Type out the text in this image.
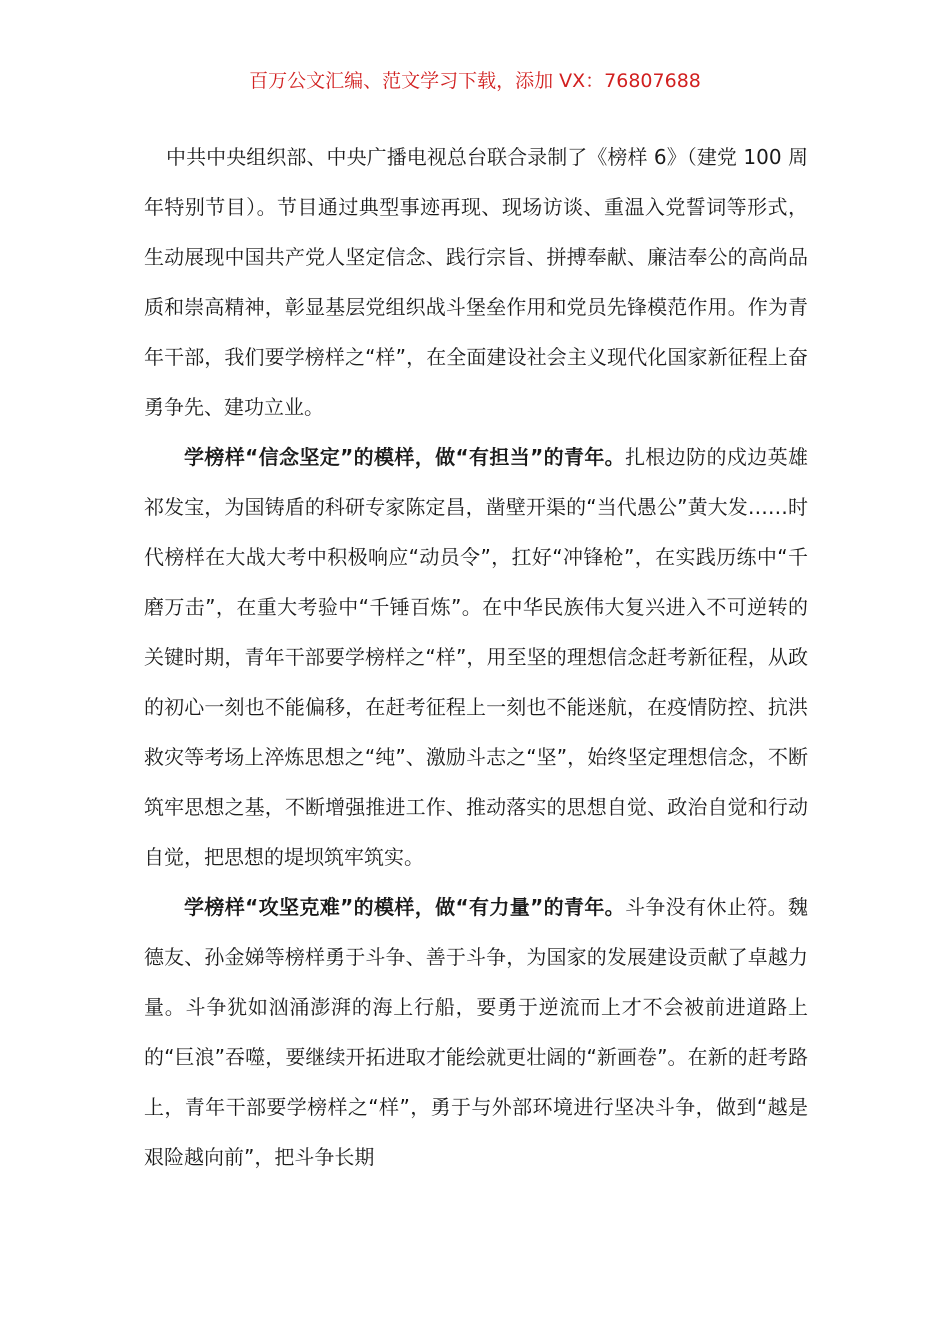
百万公文汇编、范文学习下载，添加 VX：76807688

中共中央组织部、中央广播电视总台联合录制了《榜样 6》（建党 100 周年特别节目）。节目通过典型事迹再现、现场访谈、重温入党誓词等形式，生动展现中国共产党人坚定信念、践行宗旨、拼搏奉献、廉洁奉公的高尚品质和崇高精神，彰显基层党组织战斗堡垒作用和党员先锋模范作用。作为青年干部，我们要学榜样之“样”，在全面建设社会主义现代化国家新征程上奋勇争先、建功立业。

学榜样“信念坚定”的模样，做“有担当”的青年。扎根边防的戍边英雄祁发宝，为国铸盾的科研专家陈定昌，凿壁开渠的“当代愚公”黄大发……时代榜样在大战大考中积极响应“动员令”，扛好“冲锋枪”，在实践历练中“千磨万击”，在重大考验中“千锤百炼”。在中华民族伟大复兴进入不可逆转的关键时期，青年干部要学榜样之“样”，用至坚的理想信念赶考新征程，从政的初心一刻也不能偏移，在赶考征程上一刻也不能迷航，在疫情防控、抗洪救灾等考场上淬炼思想之“纯”、激励斗志之“坚”，始终坚定理想信念，不断筑牢思想之基，不断增强推进工作、推动落实的思想自觉、政治自觉和行动自觉，把思想的堤坝筑牢筑实。

学榜样“攻坚克难”的模样，做“有力量”的青年。斗争没有休止符。魏德友、孙金娣等榜样勇于斗争、善于斗争，为国家的发展建设贡献了卓越力量。斗争犹如汹涌澎湃的海上行船，要勇于逆流而上才不会被前进道路上的“巨浪”吞噬，要继续开拓进取才能绘就更壮阔的“新画卷”。在新的赶考路上，青年干部要学榜样之“样”，勇于与外部环境进行坚决斗争，做到“越是艰险越向前”，把斗争长期
